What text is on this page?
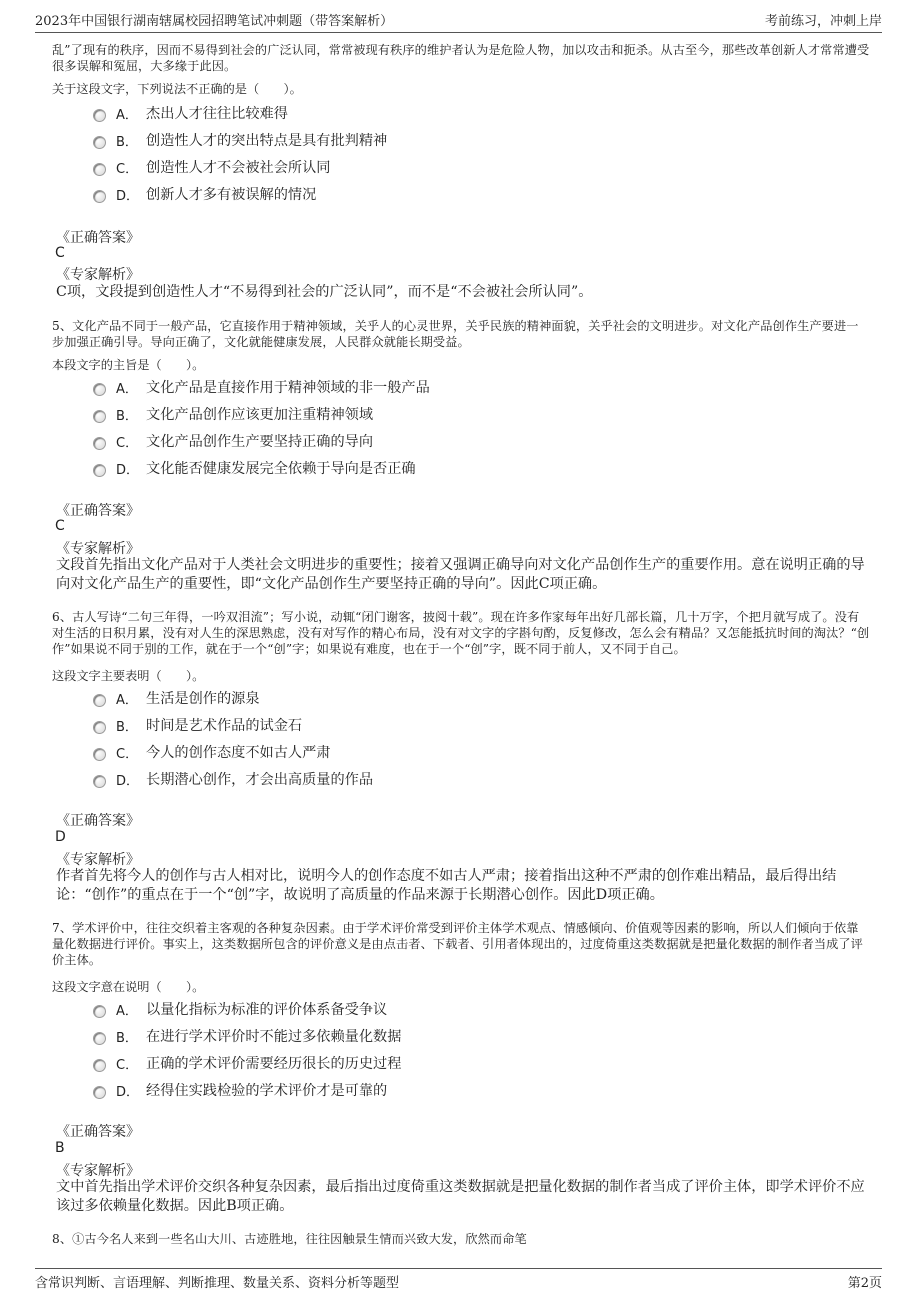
2023年中国银行湖南辖属校园招聘笔试冲刺题（带答案解析）	考前练习，冲刺上岸
乱”了现有的秩序，因而不易得到社会的广泛认同，常常被现有秩序的维护者认为是危险人物，加以攻击和扼杀。从古至今，那些改革创新人才常常遭受很多误解和冤屈，大多缘于此因。
关于这段文字，下列说法不正确的是（　　）。
A． 杰出人才往往比较难得
B． 创造性人才的突出特点是具有批判精神
C． 创造性人才不会被社会所认同
D． 创新人才多有被误解的情况
《正确答案》
C
《专家解析》
C项，文段提到创造性人才“不易得到社会的广泛认同”，而不是“不会被社会所认同”。
5、文化产品不同于一般产品，它直接作用于精神领域，关乎人的心灵世界，关乎民族的精神面貌，关乎社会的文明进步。对文化产品创作生产要进一步加强正确引导。导向正确了，文化就能健康发展，人民群众就能长期受益。
本段文字的主旨是（　　）。
A． 文化产品是直接作用于精神领域的非一般产品
B． 文化产品创作应该更加注重精神领域
C． 文化产品创作生产要坚持正确的导向
D． 文化能否健康发展完全依赖于导向是否正确
《正确答案》
C
《专家解析》
文段首先指出文化产品对于人类社会文明进步的重要性；接着又强调正确导向对文化产品创作生产的重要作用。意在说明正确的导向对文化产品生产的重要性，即“文化产品创作生产要坚持正确的导向”。因此C项正确。
6、古人写诗“二句三年得，一吟双泪流”；写小说，动辄“闭门谢客，披阅十载”。现在许多作家每年出好几部长篇，几十万字，个把月就写成了。没有对生活的日积月累，没有对人生的深思熟虑，没有对写作的精心布局，没有对文字的字斟句酌，反复修改，怎么会有精品？又怎能抵抗时间的淘汰？“创作”如果说不同于别的工作，就在于一个“创”字；如果说有难度，也在于一个“创”字，既不同于前人，又不同于自己。
这段文字主要表明（　　）。
A． 生活是创作的源泉
B． 时间是艺术作品的试金石
C． 今人的创作态度不如古人严肃
D． 长期潜心创作，才会出高质量的作品
《正确答案》
D
《专家解析》
作者首先将今人的创作与古人相对比，说明今人的创作态度不如古人严肃；接着指出这种不严肃的创作难出精品，最后得出结论：“创作”的重点在于一个“创”字，故说明了高质量的作品来源于长期潜心创作。因此D项正确。
7、学术评价中，往往交织着主客观的各种复杂因素。由于学术评价常受到评价主体学术观点、情感倾向、价值观等因素的影响，所以人们倾向于依靠量化数据进行评价。事实上，这类数据所包含的评价意义是由点击者、下载者、引用者体现出的，过度倚重这类数据就是把量化数据的制作者当成了评价主体。
这段文字意在说明（　　）。
A． 以量化指标为标准的评价体系备受争议
B． 在进行学术评价时不能过多依赖量化数据
C． 正确的学术评价需要经历很长的历史过程
D． 经得住实践检验的学术评价才是可靠的
《正确答案》
B
《专家解析》
文中首先指出学术评价交织各种复杂因素，最后指出过度倚重这类数据就是把量化数据的制作者当成了评价主体，即学术评价不应该过多依赖量化数据。因此B项正确。
8、①古今名人来到一些名山大川、古迹胜地，往往因触景生情而兴致大发，欣然而命笔
含常识判断、言语理解、判断推理、数量关系、资料分析等题型	第2页
